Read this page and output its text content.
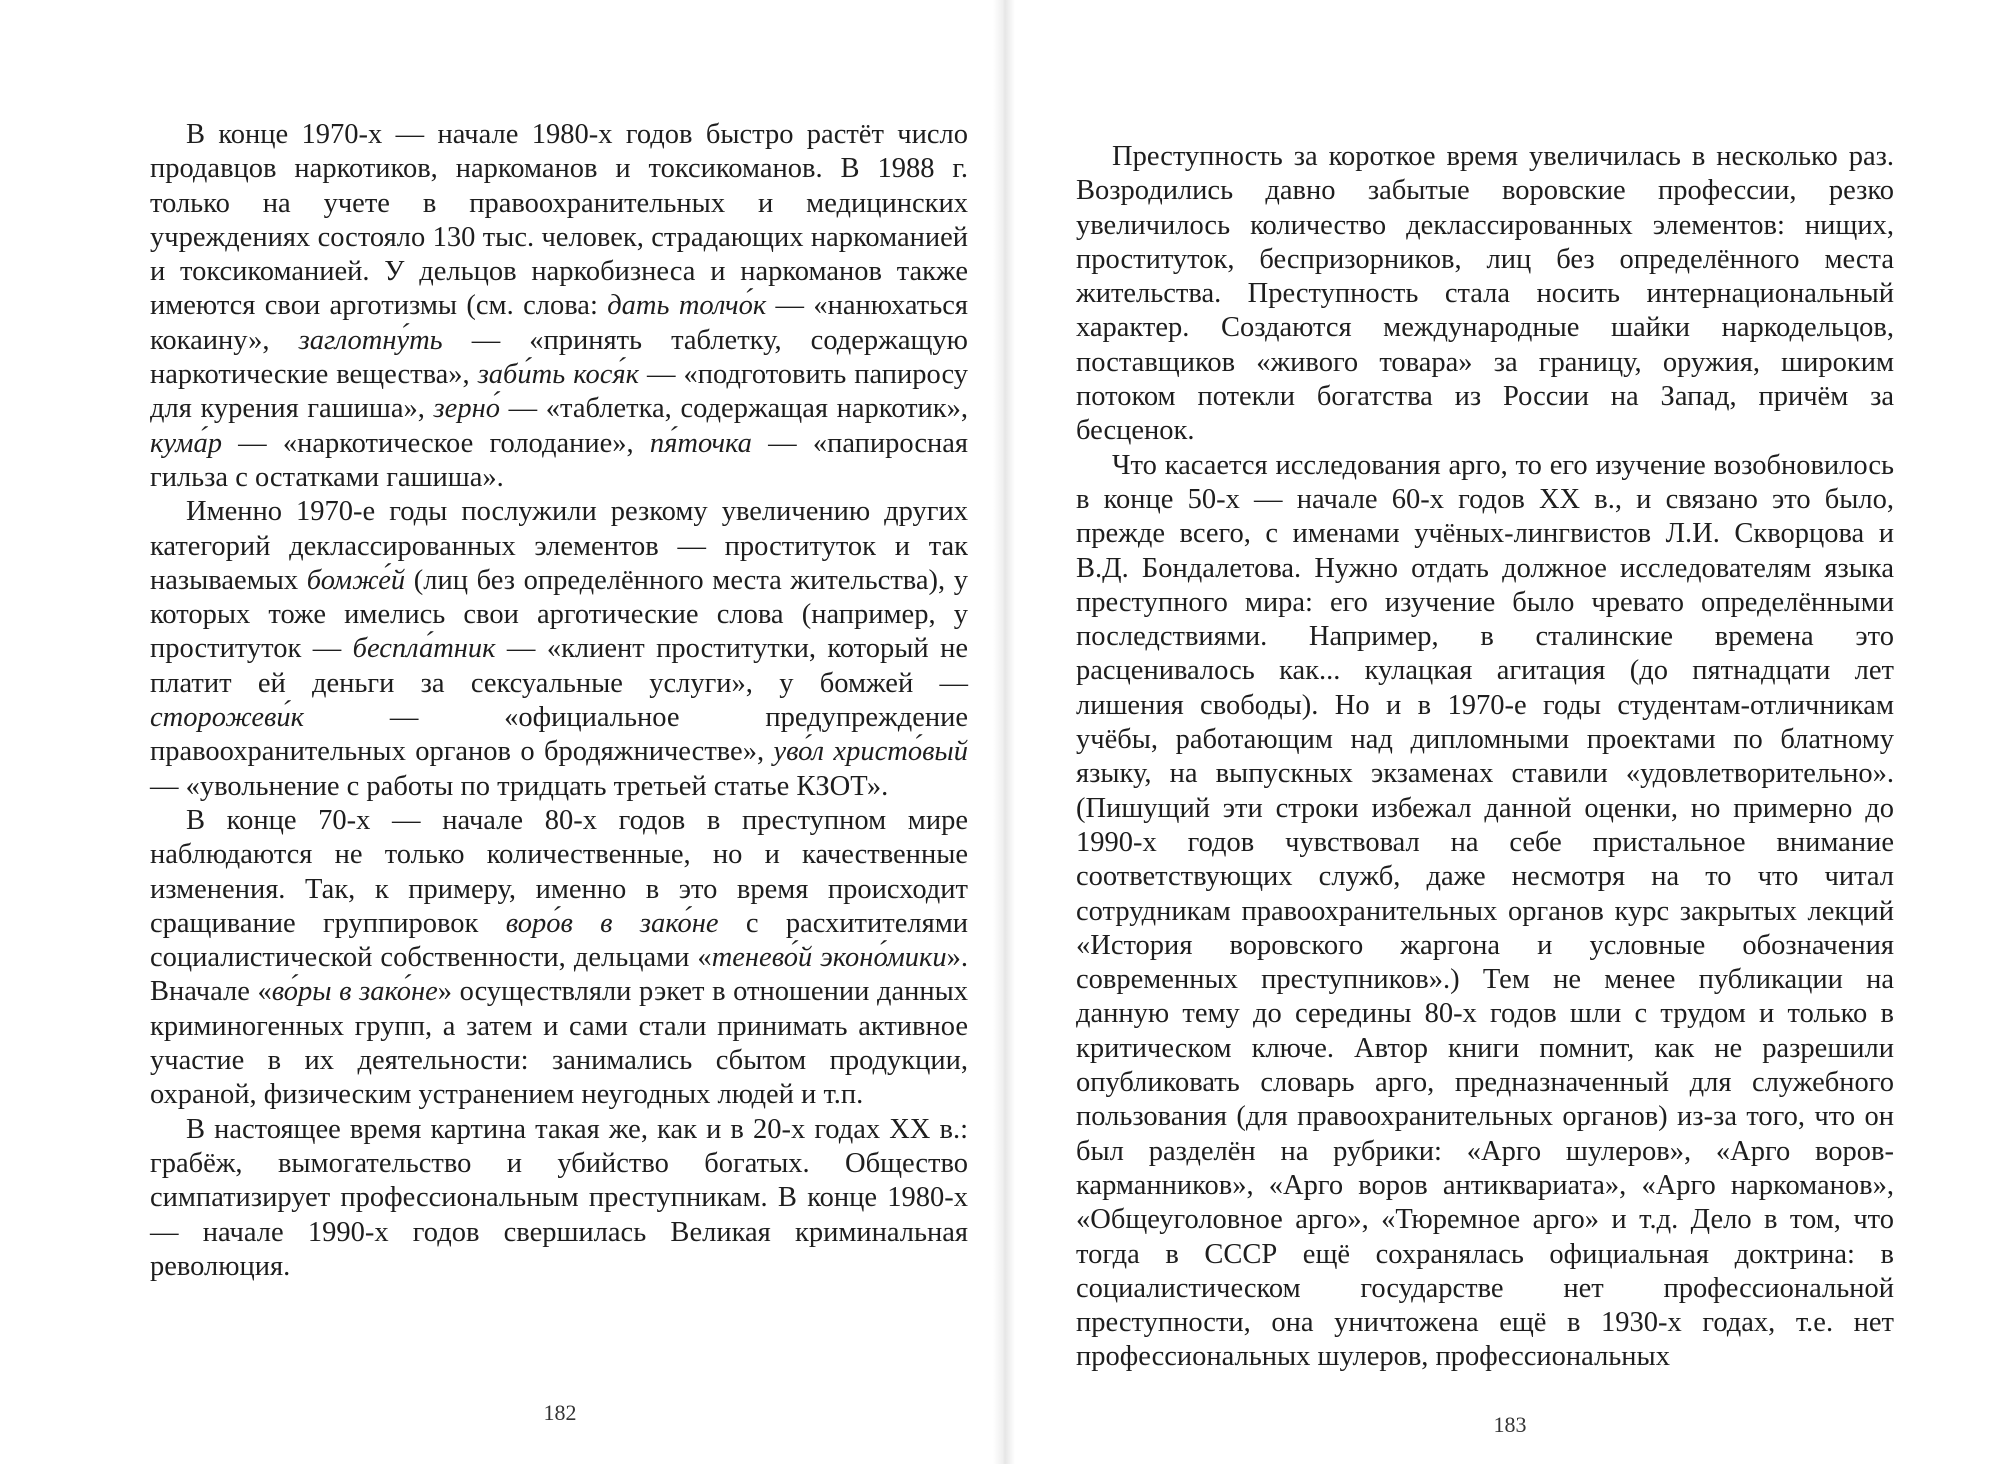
В конце 1970-х — начале 1980-х годов быстро растёт число продавцов наркотиков, наркоманов и токсикоманов. В 1988 г. только на учете в правоохранительных и медицинских учреждениях состояло 130 тыс. человек, страдающих наркоманией и токсикоманией. У дельцов наркобизнеса и наркоманов также имеются свои арготизмы (см. слова: дать толчо́к — «нанюхаться кокаину», заглотну́ть — «принять таблетку, содержащую наркотические вещества», заби́ть кося́к — «подготовить папиросу для курения гашиша», зерно́ — «таблетка, содержащая наркотик», кума́р — «наркотическое голодание», пя́точка — «папиросная гильза с остатками гашиша».

Именно 1970-е годы послужили резкому увеличению других категорий деклассированных элементов — проституток и так называемых бомже́й (лиц без определённого места жительства), у которых тоже имелись свои арготические слова (например, у проституток — беспла́тник — «клиент проститутки, который не платит ей деньги за сексуальные услуги», у бомжей — сторожеви́к — «официальное предупреждение правоохранительных органов о бродяжничестве», уво́л христо́вый — «увольнение с работы по тридцать третьей статье КЗОТ».

В конце 70-х — начале 80-х годов в преступном мире наблюдаются не только количественные, но и качественные изменения. Так, к примеру, именно в это время происходит сращивание группировок воро́в в зако́не с расхитителями социалистической собственности, дельцами «тенево́й эконо́мики». Вначале «во́ры в зако́не» осуществляли рэкет в отношении данных криминогенных групп, а затем и сами стали принимать активное участие в их деятельности: занимались сбытом продукции, охраной, физическим устранением неугодных людей и т.п.

В настоящее время картина такая же, как и в 20-х годах XX в.: грабёж, вымогательство и убийство богатых. Общество симпатизирует профессиональным преступникам. В конце 1980-х — начале 1990-х годов свершилась Великая криминальная революция.

182

Преступность за короткое время увеличилась в несколько раз. Возродились давно забытые воровские профессии, резко увеличилось количество деклассированных элементов: нищих, проституток, беспризорников, лиц без определённого места жительства. Преступность стала носить интернациональный характер. Создаются международные шайки наркодельцов, поставщиков «живого товара» за границу, оружия, широким потоком потекли богатства из России на Запад, причём за бесценок.

Что касается исследования арго, то его изучение возобновилось в конце 50-х — начале 60-х годов XX в., и связано это было, прежде всего, с именами учёных-лингвистов Л.И. Скворцова и В.Д. Бондалетова. Нужно отдать должное исследователям языка преступного мира: его изучение было чревато определёнными последствиями. Например, в сталинские времена это расценивалось как... кулацкая агитация (до пятнадцати лет лишения свободы). Но и в 1970-е годы студентам-отличникам учёбы, работающим над дипломными проектами по блатному языку, на выпускных экзаменах ставили «удовлетворительно». (Пишущий эти строки избежал данной оценки, но примерно до 1990-х годов чувствовал на себе пристальное внимание соответствующих служб, даже несмотря на то что читал сотрудникам правоохранительных органов курс закрытых лекций «История воровского жаргона и условные обозначения современных преступников».) Тем не менее публикации на данную тему до середины 80-х годов шли с трудом и только в критическом ключе. Автор книги помнит, как не разрешили опубликовать словарь арго, предназначенный для служебного пользования (для правоохранительных органов) из-за того, что он был разделён на рубрики: «Арго шулеров», «Арго воров-карманников», «Арго воров антиквариата», «Арго наркоманов», «Общеуголовное арго», «Тюремное арго» и т.д. Дело в том, что тогда в СССР ещё сохранялась официальная доктрина: в социалистическом государстве нет профессиональной преступности, она уничтожена ещё в 1930-х годах, т.е. нет профессиональных шулеров, профессиональных

183
